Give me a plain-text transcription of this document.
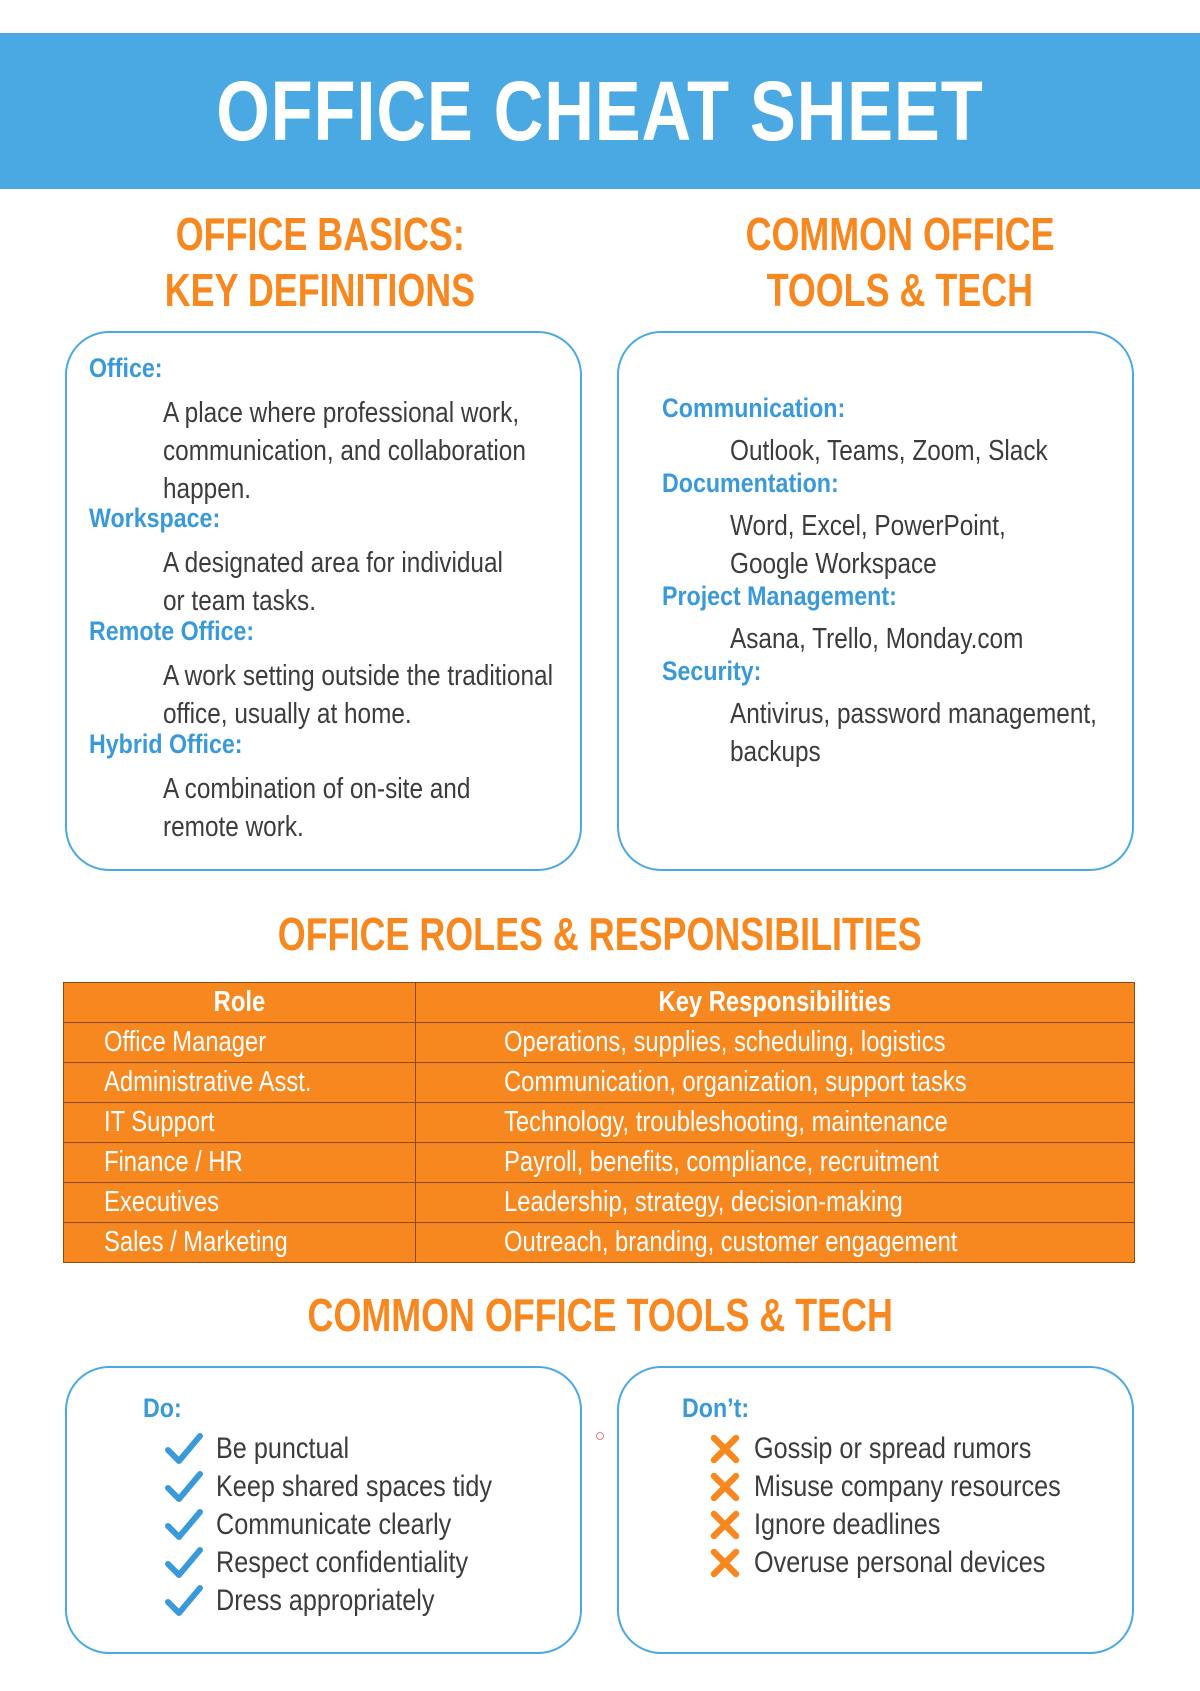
OFFICE CHEAT SHEET
OFFICE BASICS:
KEY DEFINITIONS
COMMON OFFICE
TOOLS & TECH
Office:
A place where professional work, communication, and collaboration happen.
Workspace:
A designated area for individual or team tasks.
Remote Office:
A work setting outside the traditional office, usually at home.
Hybrid Office:
A combination of on-site and remote work.
Communication:
Outlook, Teams, Zoom, Slack
Documentation:
Word, Excel, PowerPoint, Google Workspace
Project Management:
Asana, Trello, Monday.com
Security:
Antivirus, password management, backups
OFFICE ROLES & RESPONSIBILITIES
Role	Key Responsibilities
Office Manager	Operations, supplies, scheduling, logistics
Administrative Asst.	Communication, organization, support tasks
IT Support	Technology, troubleshooting, maintenance
Finance / HR	Payroll, benefits, compliance, recruitment
Executives	Leadership, strategy, decision-making
Sales / Marketing	Outreach, branding, customer engagement
COMMON OFFICE TOOLS & TECH
Do:
Be punctual
Keep shared spaces tidy
Communicate clearly
Respect confidentiality
Dress appropriately
Don’t:
Gossip or spread rumors
Misuse company resources
Ignore deadlines
Overuse personal devices
